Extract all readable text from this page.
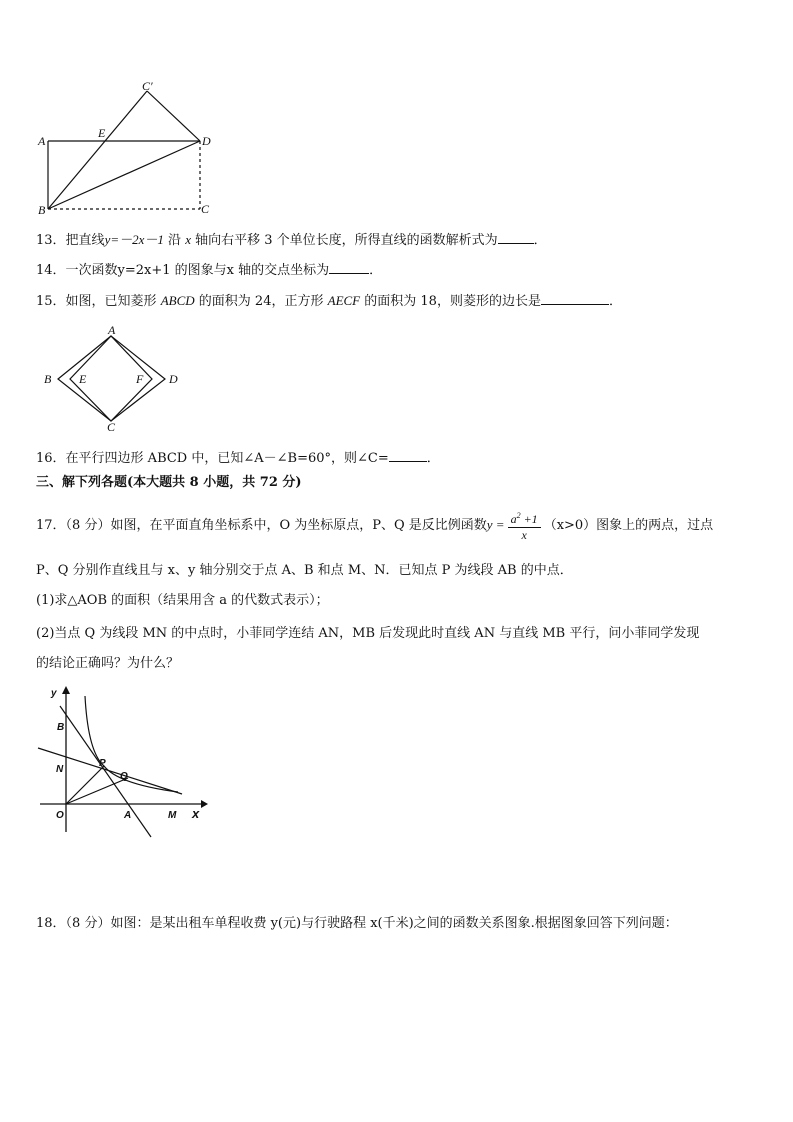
C′
A
E
D
B	C
13．把直线y=－2x－1 沿 x 轴向右平移 3 个单位长度，所得直线的函数解析式为	．
14．一次函数y=2x+1 的图象与x 轴的交点坐标为	．
15．如图，已知菱形 ABCD 的面积为 24，正方形 AECF 的面积为 18，则菱形的边长是	．
A
B E	F D
C
16．在平行四边形 ABCD 中，已知∠A－∠B=60°，则∠C=	．
三、解下列各题(本大题共 8 小题，共 72 分)
17．（8 分）如图，在平面直角坐标系中，O 为坐标原点，P、Q 是反比例函数$y = \frac{a^2 +1}{x} (x>0)$图象上的两点，过点
P、Q 分别作直线且与 x、y 轴分别交于点 A、B 和点 M、N．已知点 P 为线段 AB 的中点．
(1)求△AOB 的面积（结果用含 a 的代数式表示）；
(2)当点 Q 为线段 MN 的中点时，小菲同学连结 AN，MB 后发现此时直线 AN 与直线 MB 平行，问小菲同学发现
的结论正确吗？为什么？
y
B
N
P
Q
O	A	M x
18．（8 分）如图：是某出租车单程收费 y(元)与行驶路程 x(千米)之间的函数关系图象.根据图象回答下列问题：
